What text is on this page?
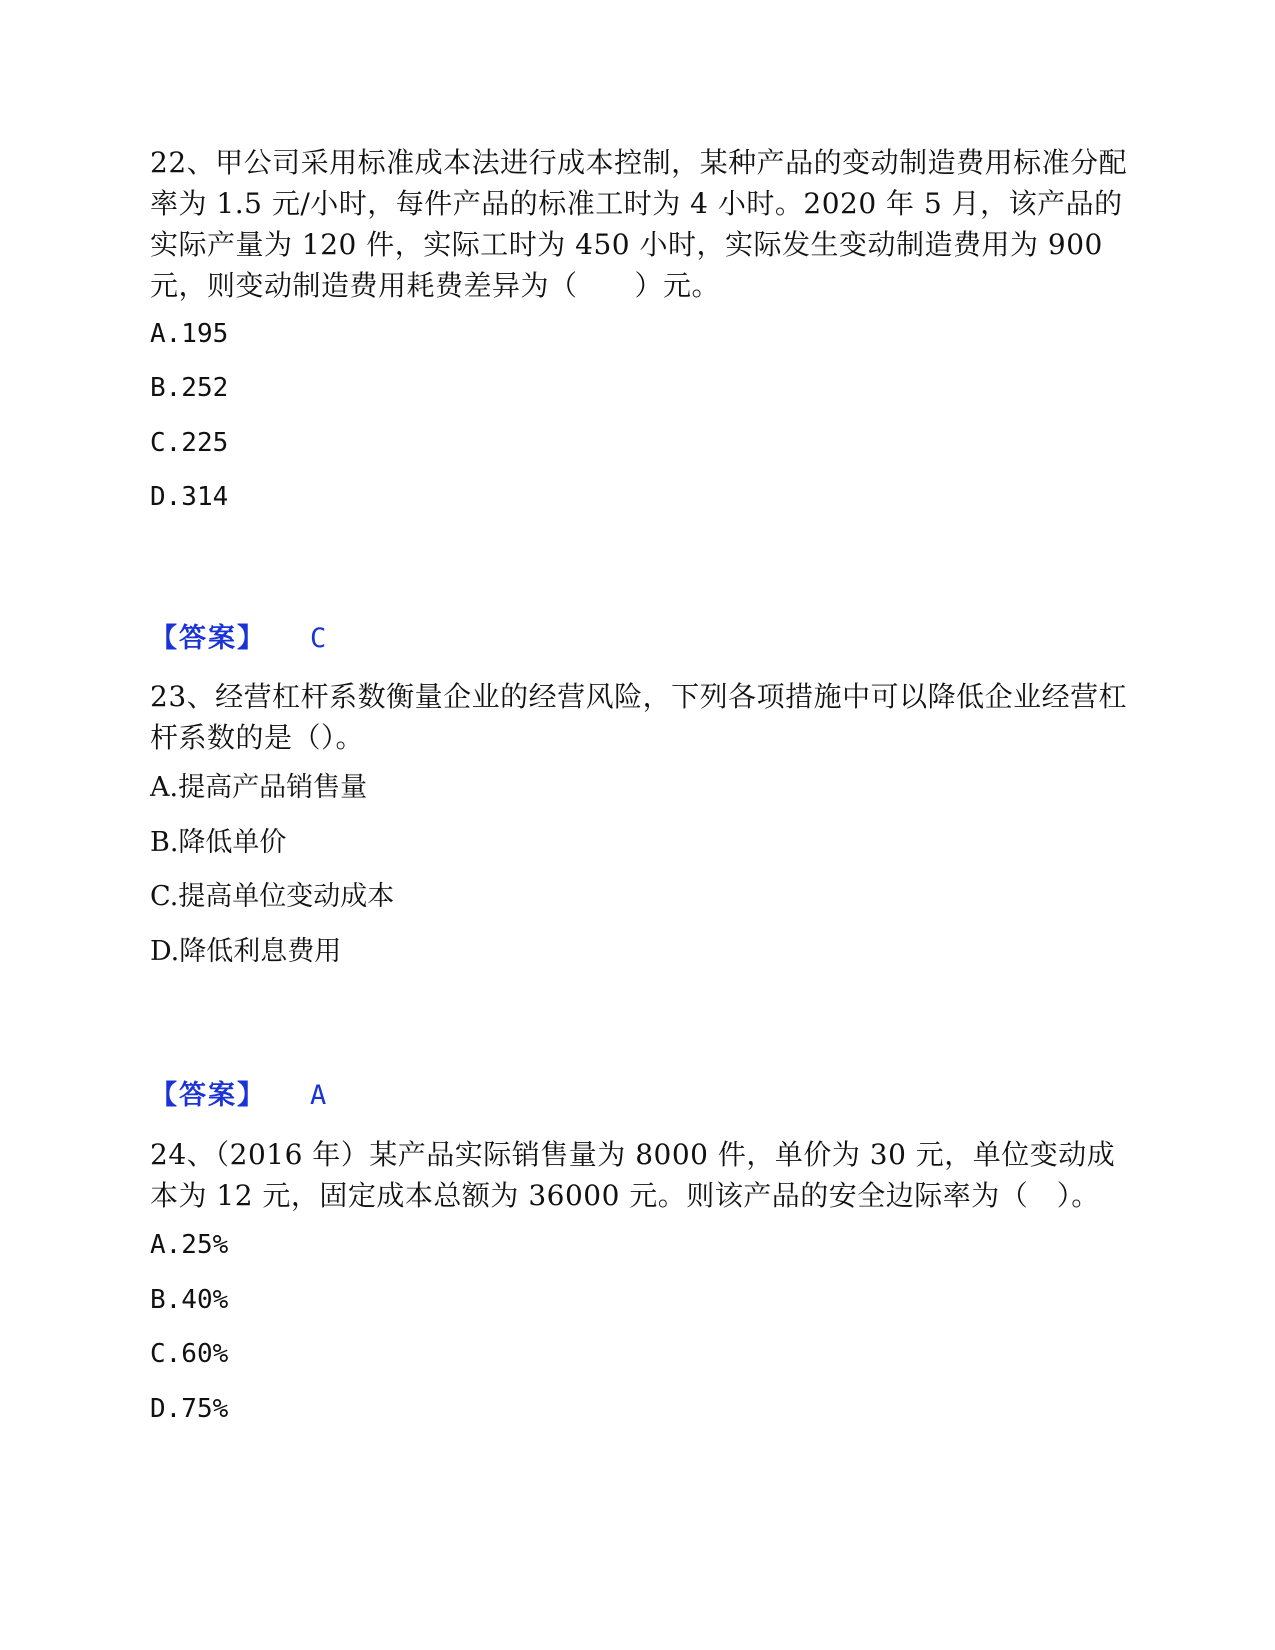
22、甲公司采用标准成本法进行成本控制，某种产品的变动制造费用标准分配率为 1.5 元/小时，每件产品的标准工时为 4 小时。2020 年 5 月，该产品的实际产量为 120 件，实际工时为 450 小时，实际发生变动制造费用为 900 元，则变动制造费用耗费差异为（　　）元。
A.195
B.252
C.225
D.314
【答案】 C
23、经营杠杆系数衡量企业的经营风险，下列各项措施中可以降低企业经营杠杆系数的是（）。
A.提高产品销售量
B.降低单价
C.提高单位变动成本
D.降低利息费用
【答案】 A
24、（2016 年）某产品实际销售量为 8000 件，单价为 30 元，单位变动成本为 12 元，固定成本总额为 36000 元。则该产品的安全边际率为（　）。
A.25%
B.40%
C.60%
D.75%
